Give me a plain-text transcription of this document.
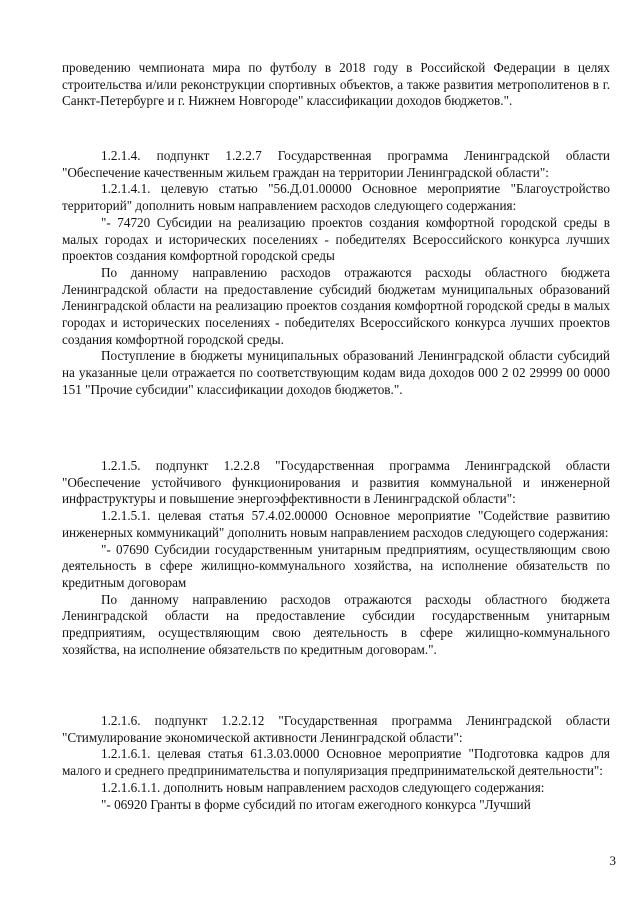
проведению чемпионата мира по футболу в 2018 году в Российской Федерации в целях строительства и/или реконструкции спортивных объектов, а также развития метрополитенов в г. Санкт-Петербурге и г. Нижнем Новгороде" классификации доходов бюджетов.".

1.2.1.4. подпункт 1.2.2.7 Государственная программа Ленинградской области "Обеспечение качественным жильем граждан на территории Ленинградской области":

1.2.1.4.1. целевую статью "56.Д.01.00000 Основное мероприятие "Благоустройство территорий" дополнить новым направлением расходов следующего содержания:

"- 74720 Субсидии на реализацию проектов создания комфортной городской среды в малых городах и исторических поселениях - победителях Всероссийского конкурса лучших проектов создания комфортной городской среды

По данному направлению расходов отражаются расходы областного бюджета Ленинградской области на предоставление субсидий бюджетам муниципальных образований Ленинградской области на реализацию проектов создания комфортной городской среды в малых городах и исторических поселениях - победителях Всероссийского конкурса лучших проектов создания комфортной городской среды.

Поступление в бюджеты муниципальных образований Ленинградской области субсидий на указанные цели отражается по соответствующим кодам вида доходов 000 2 02 29999 00 0000 151 "Прочие субсидии" классификации доходов бюджетов.".

1.2.1.5. подпункт 1.2.2.8 "Государственная программа Ленинградской области "Обеспечение устойчивого функционирования и развития коммунальной и инженерной инфраструктуры и повышение энергоэффективности в Ленинградской области":

1.2.1.5.1. целевая статья 57.4.02.00000 Основное мероприятие "Содействие развитию инженерных коммуникаций" дополнить новым направлением расходов следующего содержания:

"- 07690 Субсидии государственным унитарным предприятиям, осуществляющим свою деятельность в сфере жилищно-коммунального хозяйства, на исполнение обязательств по кредитным договорам

По данному направлению расходов отражаются расходы областного бюджета Ленинградской области на предоставление субсидии государственным унитарным предприятиям, осуществляющим свою деятельность в сфере жилищно-коммунального хозяйства, на исполнение обязательств по кредитным договорам.".

1.2.1.6. подпункт 1.2.2.12 "Государственная программа Ленинградской области "Стимулирование экономической активности Ленинградской области":

1.2.1.6.1. целевая статья 61.3.03.0000 Основное мероприятие "Подготовка кадров для малого и среднего предпринимательства и популяризация предпринимательской деятельности":

1.2.1.6.1.1. дополнить новым направлением расходов следующего содержания:

"- 06920 Гранты в форме субсидий по итогам ежегодного конкурса "Лучший

3
